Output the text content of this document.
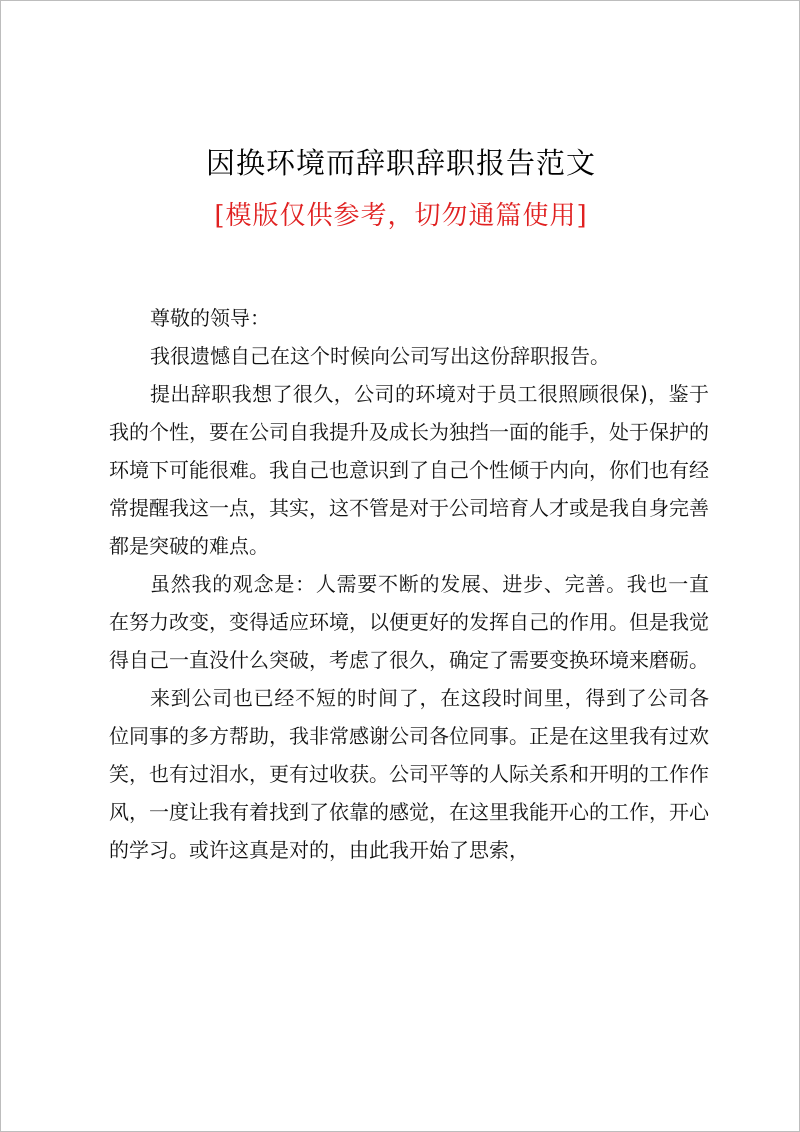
因换环境而辞职辞职报告范文
[模版仅供参考，切勿通篇使用]

尊敬的领导：

我很遗憾自己在这个时候向公司写出这份辞职报告。

提出辞职我想了很久，公司的环境对于员工很照顾很保)，鉴于我的个性，要在公司自我提升及成长为独挡一面的能手，处于保护的环境下可能很难。我自己也意识到了自己个性倾于内向，你们也有经常提醒我这一点，其实，这不管是对于公司培育人才或是我自身完善都是突破的难点。

虽然我的观念是：人需要不断的发展、进步、完善。我也一直在努力改变，变得适应环境，以便更好的发挥自己的作用。但是我觉得自己一直没什么突破，考虑了很久，确定了需要变换环境来磨砺。

来到公司也已经不短的时间了，在这段时间里，得到了公司各位同事的多方帮助，我非常感谢公司各位同事。正是在这里我有过欢笑，也有过泪水，更有过收获。公司平等的人际关系和开明的工作作风，一度让我有着找到了依靠的感觉，在这里我能开心的工作，开心的学习。或许这真是对的，由此我开始了思索，
